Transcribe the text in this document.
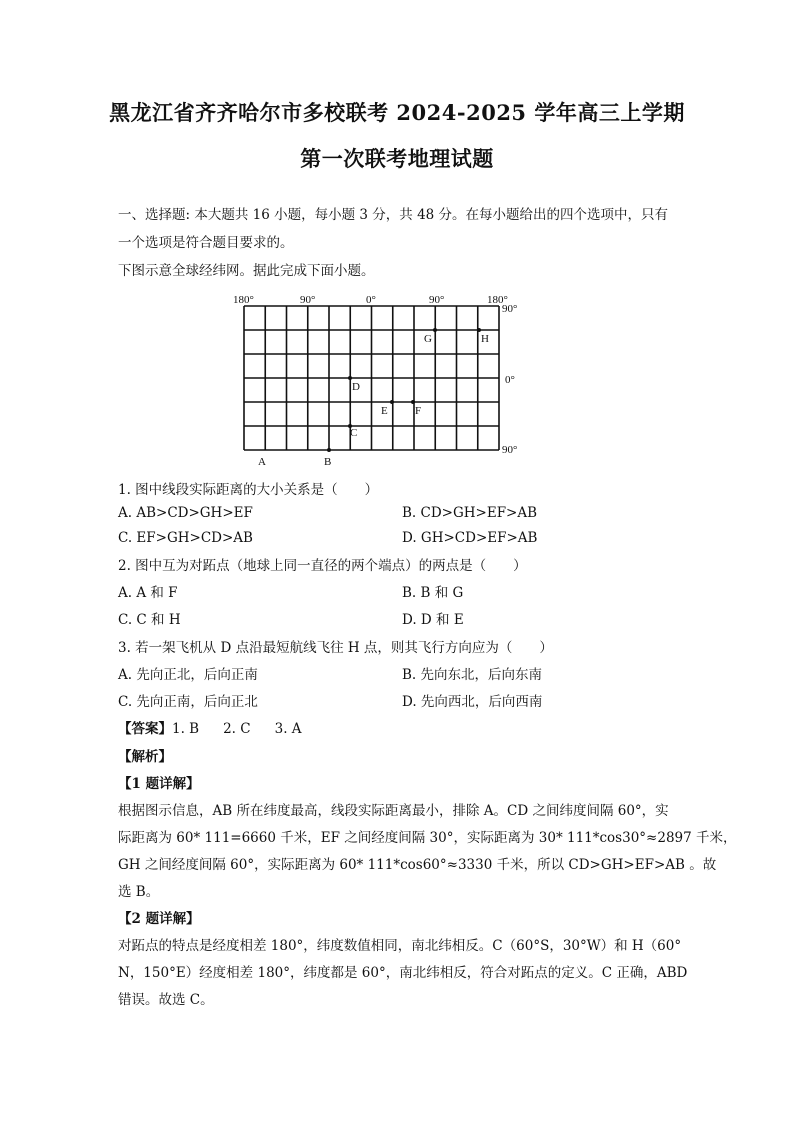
黑龙江省齐齐哈尔市多校联考 2024-2025 学年高三上学期
第一次联考地理试题
一、选择题: 本大题共 16 小题，每小题 3 分，共 48 分。在每小题给出的四个选项中，只有
一个选项是符合题目要求的。
下图示意全球经纬网。据此完成下面小题。
180°	90°	0°	90°	180°
90°
0°
90°
G	H
D
E F
C
A	B
1. 图中线段实际距离的大小关系是（　　）
A. AB>CD>GH>EF	B. CD>GH>EF>AB
C. EF>GH>CD>AB	D. GH>CD>EF>AB
2. 图中互为对跖点（地球上同一直径的两个端点）的两点是（　　）
A. A 和 F	B. B 和 G
C. C 和 H	D. D 和 E
3. 若一架飞机从 D 点沿最短航线飞往 H 点，则其飞行方向应为（　　）
A. 先向正北，后向正南	B. 先向东北，后向东南
C. 先向正南，后向正北	D. 先向西北，后向西南
【答案】1. B 2. C 3. A
【解析】
【1 题详解】
根据图示信息，AB 所在纬度最高，线段实际距离最小，排除 A。CD 之间纬度间隔 60°，实
际距离为 60* 111=6660 千米，EF 之间经度间隔 30°，实际距离为 30* 111*cos30°≈2897 千米，
GH 之间经度间隔 60°，实际距离为 60* 111*cos60°≈3330 千米，所以 CD>GH>EF>AB 。故
选 B。
【2 题详解】
对跖点的特点是经度相差 180°，纬度数值相同，南北纬相反。C（60°S，30°W）和 H（60°
N，150°E）经度相差 180°，纬度都是 60°，南北纬相反，符合对跖点的定义。C 正确，ABD
错误。故选 C。
